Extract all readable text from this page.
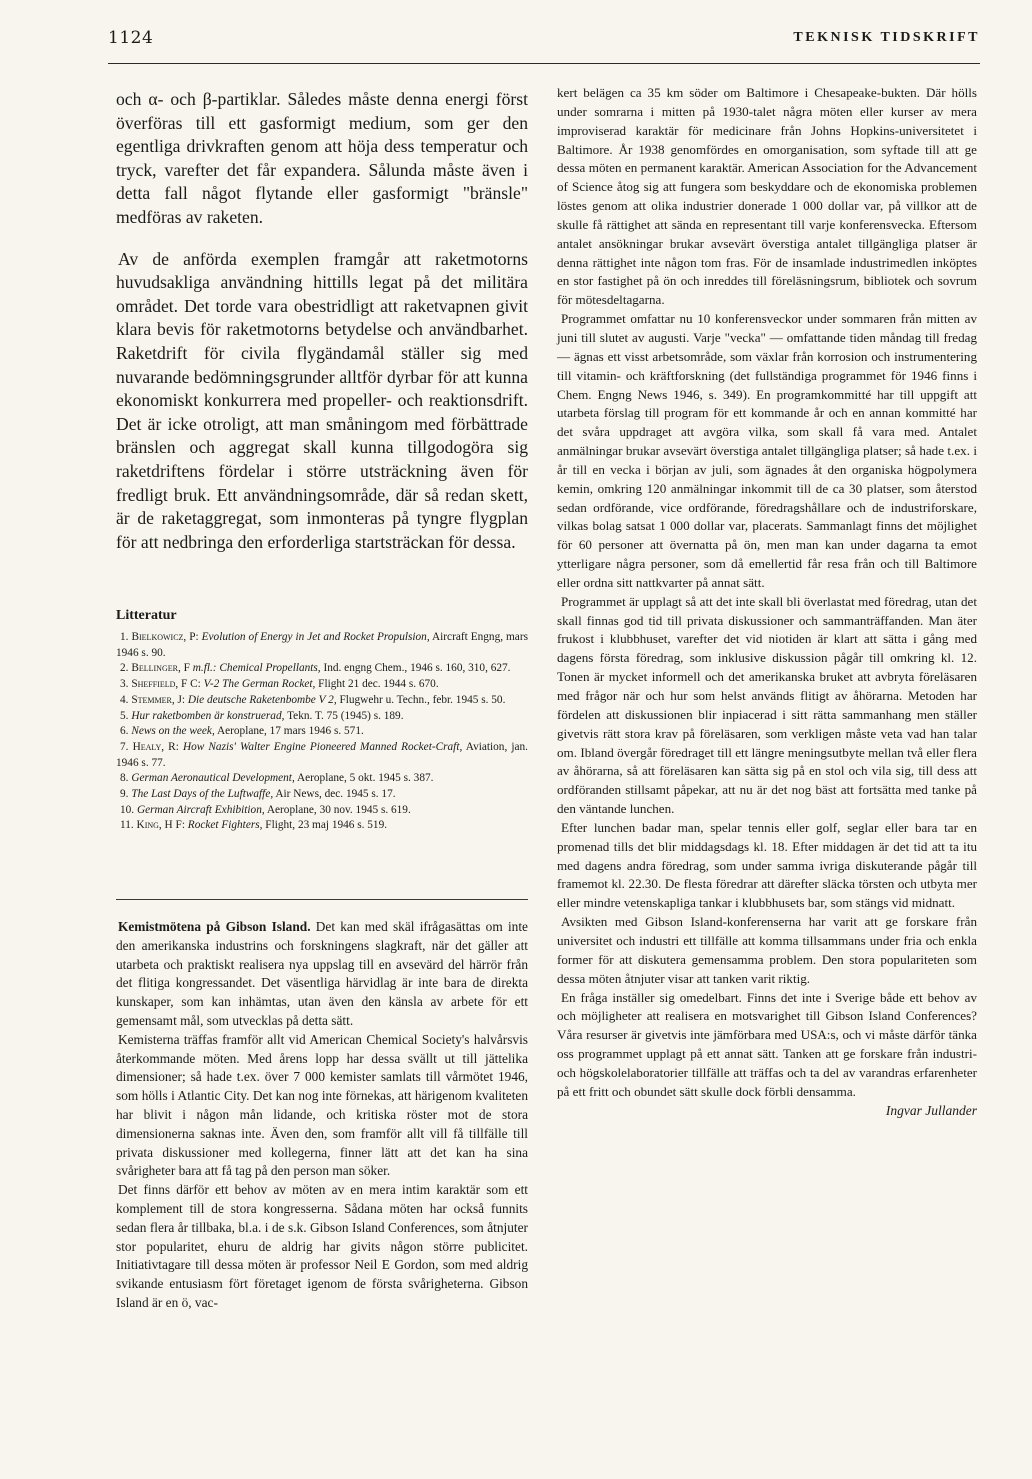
1124	TEKNISK TIDSKRIFT

och α- och β-partiklar. Således måste denna energi först överföras till ett gasformigt medium, som ger den egentliga drivkraften genom att höja dess temperatur och tryck, varefter det får expandera. Sålunda måste även i detta fall något flytande eller gasformigt "bränsle" medföras av raketen.

Av de anförda exemplen framgår att raketmotorns huvudsakliga användning hittills legat på det militära området. Det torde vara obestridligt att raketvapnen givit klara bevis för raketmotorns betydelse och användbarhet. Raketdrift för civila flygändamål ställer sig med nuvarande bedömningsgrunder alltför dyrbar för att kunna ekonomiskt konkurrera med propeller- och reaktionsdrift. Det är icke otroligt, att man småningom med förbättrade bränslen och aggregat skall kunna tillgodogöra sig raketdriftens fördelar i större utsträckning även för fredligt bruk. Ett användningsområde, där så redan skett, är de raketaggregat, som inmonteras på tyngre flygplan för att nedbringa den erforderliga startsträckan för dessa.

Litteratur
1. Bielkowicz, P: Evolution of Energy in Jet and Rocket Propulsion, Aircraft Engng, mars 1946 s. 90.
2. Bellinger, F m.fl.: Chemical Propellants, Ind. engng Chem., 1946 s. 160, 310, 627.
3. Sheffield, F C: V-2 The German Rocket, Flight 21 dec. 1944 s. 670.
4. Stemmer, J: Die deutsche Raketenbombe V 2, Flugwehr u. Techn., febr. 1945 s. 50.
5. Hur raketbomben är konstruerad, Tekn. T. 75 (1945) s. 189.
6. News on the week, Aeroplane, 17 mars 1946 s. 571.
7. Healy, R: How Nazis' Walter Engine Pioneered Manned Rocket-Craft, Aviation, jan. 1946 s. 77.
8. German Aeronautical Development, Aeroplane, 5 okt. 1945 s. 387.
9. The Last Days of the Luftwaffe, Air News, dec. 1945 s. 17.
10. German Aircraft Exhibition, Aeroplane, 30 nov. 1945 s. 619.
11. King, H F: Rocket Fighters, Flight, 23 maj 1946 s. 519.

Kemistmötena på Gibson Island. Det kan med skäl ifrågasättas om inte den amerikanska industrins och forskningens slagkraft, när det gäller att utarbeta och praktiskt realisera nya uppslag till en avsevärd del härrör från det flitiga kongressandet. Det väsentliga härvidlag är inte bara de direkta kunskaper, som kan inhämtas, utan även den känsla av arbete för ett gemensamt mål, som utvecklas på detta sätt.

Kemisterna träffas framför allt vid American Chemical Society's halvårsvis återkommande möten. Med årens lopp har dessa svällt ut till jättelika dimensioner; så hade t.ex. över 7 000 kemister samlats till vårmötet 1946, som hölls i Atlantic City. Det kan nog inte förnekas, att härigenom kvaliteten har blivit i någon mån lidande, och kritiska röster mot de stora dimensionerna saknas inte. Även den, som framför allt vill få tillfälle till privata diskussioner med kollegerna, finner lätt att det kan ha sina svårigheter bara att få tag på den person man söker.

Det finns därför ett behov av möten av en mera intim karaktär som ett komplement till de stora kongresserna. Sådana möten har också funnits sedan flera år tillbaka, bl.a. i de s.k. Gibson Island Conferences, som åtnjuter stor popularitet, ehuru de aldrig har givits någon större publicitet. Initiativtagare till dessa möten är professor Neil E Gordon, som med aldrig svikande entusiasm fört företaget igenom de första svårigheterna. Gibson Island är en ö, vac-

kert belägen ca 35 km söder om Baltimore i Chesapeake-bukten. Där hölls under somrarna i mitten på 1930-talet några möten eller kurser av mera improviserad karaktär för medicinare från Johns Hopkins-universitetet i Baltimore. År 1938 genomfördes en omorganisation, som syftade till att ge dessa möten en permanent karaktär. American Association for the Advancement of Science åtog sig att fungera som beskyddare och de ekonomiska problemen löstes genom att olika industrier donerade 1 000 dollar var, på villkor att de skulle få rättighet att sända en representant till varje konferensvecka. Eftersom antalet ansökningar brukar avsevärt överstiga antalet tillgängliga platser är denna rättighet inte någon tom fras. För de insamlade industrimedlen inköptes en stor fastighet på ön och inreddes till föreläsningsrum, bibliotek och sovrum för mötesdeltagarna.

Programmet omfattar nu 10 konferensveckor under sommaren från mitten av juni till slutet av augusti. Varje "vecka" — omfattande tiden måndag till fredag — ägnas ett visst arbetsområde, som växlar från korrosion och instrumentering till vitamin- och kräftforskning (det fullständiga programmet för 1946 finns i Chem. Engng News 1946, s. 349). En programkommitté har till uppgift att utarbeta förslag till program för ett kommande år och en annan kommitté har det svåra uppdraget att avgöra vilka, som skall få vara med. Antalet anmälningar brukar avsevärt överstiga antalet tillgängliga platser; så hade t.ex. i år till en vecka i början av juli, som ägnades åt den organiska högpolymera kemin, omkring 120 anmälningar inkommit till de ca 30 platser, som återstod sedan ordförande, vice ordförande, föredragshållare och de industriforskare, vilkas bolag satsat 1 000 dollar var, placerats. Sammanlagt finns det möjlighet för 60 personer att övernatta på ön, men man kan under dagarna ta emot ytterligare några personer, som då emellertid får resa från och till Baltimore eller ordna sitt nattkvarter på annat sätt.

Programmet är upplagt så att det inte skall bli överlastat med föredrag, utan det skall finnas god tid till privata diskussioner och sammanträffanden. Man äter frukost i klubbhuset, varefter det vid niotiden är klart att sätta i gång med dagens första föredrag, som inklusive diskussion pågår till omkring kl. 12. Tonen är mycket informell och det amerikanska bruket att avbryta föreläsaren med frågor när och hur som helst används flitigt av åhörarna. Metoden har fördelen att diskussionen blir inpiacerad i sitt rätta sammanhang men ställer givetvis rätt stora krav på föreläsaren, som verkligen måste veta vad han talar om. Ibland övergår föredraget till ett längre meningsutbyte mellan två eller flera av åhörarna, så att föreläsaren kan sätta sig på en stol och vila sig, till dess att ordföranden stillsamt påpekar, att nu är det nog bäst att fortsätta med tanke på den väntande lunchen.

Efter lunchen badar man, spelar tennis eller golf, seglar eller bara tar en promenad tills det blir middagsdags kl. 18. Efter middagen är det tid att ta itu med dagens andra föredrag, som under samma ivriga diskuterande pågår till framemot kl. 22.30. De flesta föredrar att därefter släcka törsten och utbyta mer eller mindre vetenskapliga tankar i klubbhusets bar, som stängs vid midnatt.

Avsikten med Gibson Island-konferenserna har varit att ge forskare från universitet och industri ett tillfälle att komma tillsammans under fria och enkla former för att diskutera gemensamma problem. Den stora populariteten som dessa möten åtnjuter visar att tanken varit riktig.

En fråga inställer sig omedelbart. Finns det inte i Sverige både ett behov av och möjligheter att realisera en motsvarighet till Gibson Island Conferences? Våra resurser är givetvis inte jämförbara med USA:s, och vi måste därför tänka oss programmet upplagt på ett annat sätt. Tanken att ge forskare från industri- och högskolelaboratorier tillfälle att träffas och ta del av varandras erfarenheter på ett fritt och obundet sätt skulle dock förbli densamma.

Ingvar Jullander
